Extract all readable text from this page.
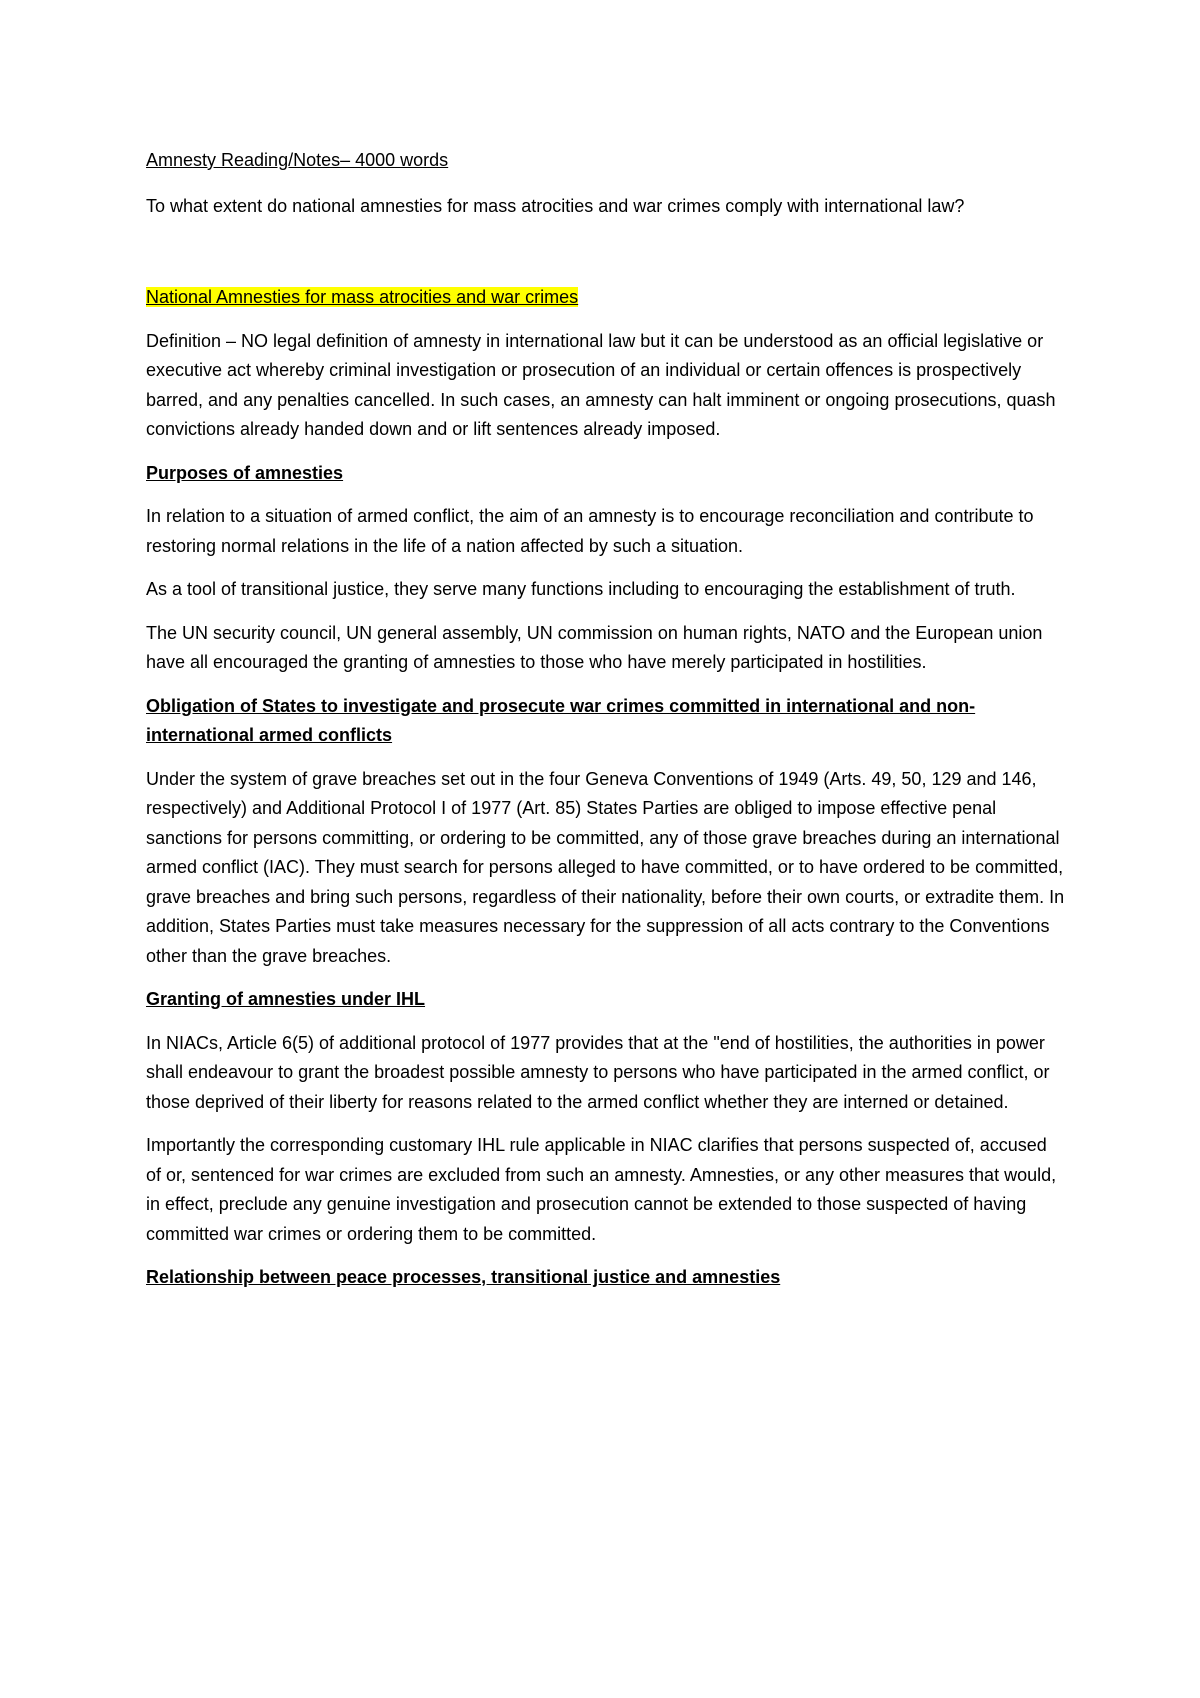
Amnesty Reading/Notes– 4000 words

To what extent do national amnesties for mass atrocities and war crimes comply with international law?

National Amnesties for mass atrocities and war crimes

Definition – NO legal definition of amnesty in international law but it can be understood as an official legislative or executive act whereby criminal investigation or prosecution of an individual or certain offences is prospectively barred, and any penalties cancelled. In such cases, an amnesty can halt imminent or ongoing prosecutions, quash convictions already handed down and or lift sentences already imposed.

Purposes of amnesties

In relation to a situation of armed conflict, the aim of an amnesty is to encourage reconciliation and contribute to restoring normal relations in the life of a nation affected by such a situation.

As a tool of transitional justice, they serve many functions including to encouraging the establishment of truth.

The UN security council, UN general assembly, UN commission on human rights, NATO and the European union have all encouraged the granting of amnesties to those who have merely participated in hostilities.

Obligation of States to investigate and prosecute war crimes committed in international and non-international armed conflicts

Under the system of grave breaches set out in the four Geneva Conventions of 1949 (Arts. 49, 50, 129 and 146, respectively) and Additional Protocol I of 1977 (Art. 85) States Parties are obliged to impose effective penal sanctions for persons committing, or ordering to be committed, any of those grave breaches during an international armed conflict (IAC). They must search for persons alleged to have committed, or to have ordered to be committed, grave breaches and bring such persons, regardless of their nationality, before their own courts, or extradite them. In addition, States Parties must take measures necessary for the suppression of all acts contrary to the Conventions other than the grave breaches.

Granting of amnesties under IHL

In NIACs, Article 6(5) of additional protocol of 1977 provides that at the "end of hostilities, the authorities in power shall endeavour to grant the broadest possible amnesty to persons who have participated in the armed conflict, or those deprived of their liberty for reasons related to the armed conflict whether they are interned or detained.

Importantly the corresponding customary IHL rule applicable in NIAC clarifies that persons suspected of, accused of or, sentenced for war crimes are excluded from such an amnesty. Amnesties, or any other measures that would, in effect, preclude any genuine investigation and prosecution cannot be extended to those suspected of having committed war crimes or ordering them to be committed.

Relationship between peace processes, transitional justice and amnesties
